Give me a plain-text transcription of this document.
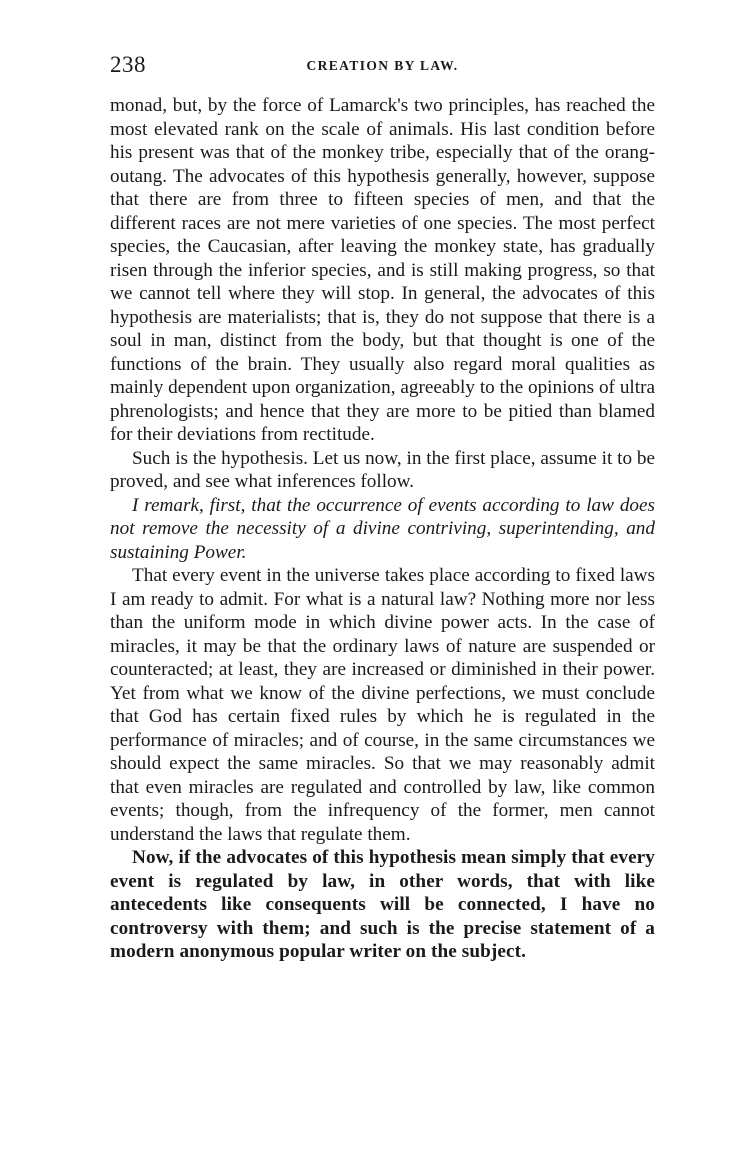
238	CREATION BY LAW.

monad, but, by the force of Lamarck's two principles, has reached the most elevated rank on the scale of animals. His last condition before his present was that of the monkey tribe, especially that of the orang-outang. The advocates of this hypothesis generally, however, suppose that there are from three to fifteen species of men, and that the different races are not mere varieties of one species. The most perfect species, the Caucasian, after leaving the monkey state, has gradually risen through the inferior species, and is still making progress, so that we cannot tell where they will stop. In general, the advocates of this hypothesis are materialists; that is, they do not suppose that there is a soul in man, distinct from the body, but that thought is one of the functions of the brain. They usually also regard moral qualities as mainly dependent upon organization, agreeably to the opinions of ultra phrenologists; and hence that they are more to be pitied than blamed for their deviations from rectitude.

Such is the hypothesis. Let us now, in the first place, assume it to be proved, and see what inferences follow.

I remark, first, that the occurrence of events according to law does not remove the necessity of a divine contriving, superintending, and sustaining Power.

That every event in the universe takes place according to fixed laws I am ready to admit. For what is a natural law? Nothing more nor less than the uniform mode in which divine power acts. In the case of miracles, it may be that the ordinary laws of nature are suspended or counteracted; at least, they are increased or diminished in their power. Yet from what we know of the divine perfections, we must conclude that God has certain fixed rules by which he is regulated in the performance of miracles; and of course, in the same circumstances we should expect the same miracles. So that we may reasonably admit that even miracles are regulated and controlled by law, like common events; though, from the infrequency of the former, men cannot understand the laws that regulate them.

Now, if the advocates of this hypothesis mean simply that every event is regulated by law, in other words, that with like antecedents like consequents will be connected, I have no controversy with them; and such is the precise statement of a modern anonymous popular writer on the subject.
